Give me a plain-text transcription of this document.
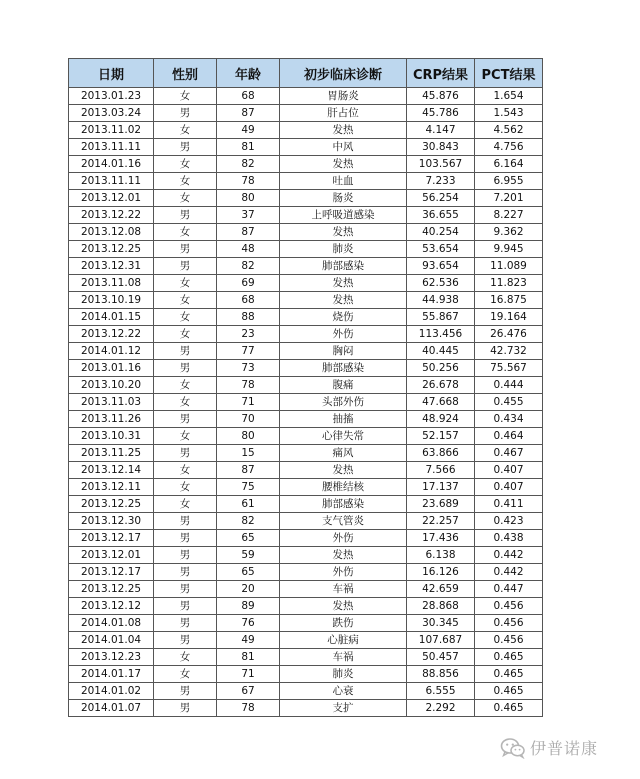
日期	性别	年龄	初步临床诊断	CRP结果	PCT结果
2013.01.23	女	68	胃肠炎	45.876	1.654
2013.03.24	男	87	肝占位	45.786	1.543
2013.11.02	女	49	发热	4.147	4.562
2013.11.11	男	81	中风	30.843	4.756
2014.01.16	女	82	发热	103.567	6.164
2013.11.11	女	78	吐血	7.233	6.955
2013.12.01	女	80	肠炎	56.254	7.201
2013.12.22	男	37	上呼吸道感染	36.655	8.227
2013.12.08	女	87	发热	40.254	9.362
2013.12.25	男	48	肺炎	53.654	9.945
2013.12.31	男	82	肺部感染	93.654	11.089
2013.11.08	女	69	发热	62.536	11.823
2013.10.19	女	68	发热	44.938	16.875
2014.01.15	女	88	烧伤	55.867	19.164
2013.12.22	女	23	外伤	113.456	26.476
2014.01.12	男	77	胸闷	40.445	42.732
2013.01.16	男	73	肺部感染	50.256	75.567
2013.10.20	女	78	腹痛	26.678	0.444
2013.11.03	女	71	头部外伤	47.668	0.455
2013.11.26	男	70	抽搐	48.924	0.434
2013.10.31	女	80	心律失常	52.157	0.464
2013.11.25	男	15	痛风	63.866	0.467
2013.12.14	女	87	发热	7.566	0.407
2013.12.11	女	75	腰椎结核	17.137	0.407
2013.12.25	女	61	肺部感染	23.689	0.411
2013.12.30	男	82	支气管炎	22.257	0.423
2013.12.17	男	65	外伤	17.436	0.438
2013.12.01	男	59	发热	6.138	0.442
2013.12.17	男	65	外伤	16.126	0.442
2013.12.25	男	20	车祸	42.659	0.447
2013.12.12	男	89	发热	28.868	0.456
2014.01.08	男	76	跌伤	30.345	0.456
2014.01.04	男	49	心脏病	107.687	0.456
2013.12.23	女	81	车祸	50.457	0.465
2014.01.17	女	71	肺炎	88.856	0.465
2014.01.02	男	67	心衰	6.555	0.465
2014.01.07	男	78	支扩	2.292	0.465
伊普诺康
